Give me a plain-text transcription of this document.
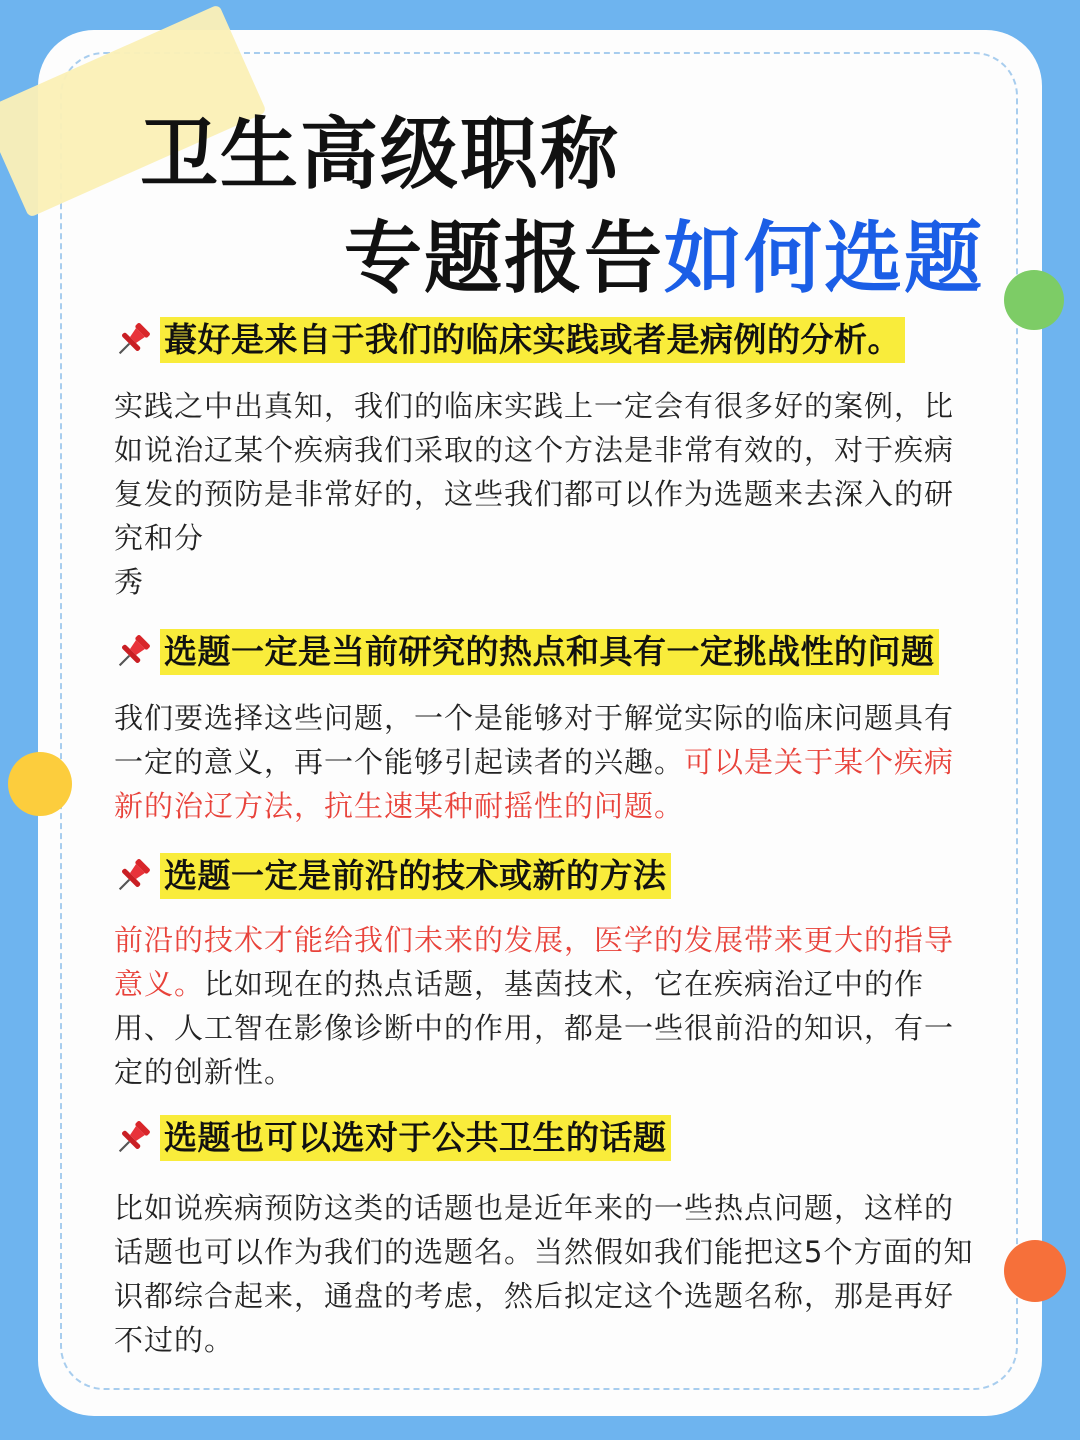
卫生高级职称
专题报告如何选题
蕞好是来自于我们的临床实践或者是病例的分析。
实践之中出真知，我们的临床实践上一定会有很多好的案例，比如说治辽某个疾病我们采取的这个方法是非常有效的，对于疾病复发的预防是非常好的，这些我们都可以作为选题来去深入的研究和分
秀
选题一定是当前研究的热点和具有一定挑战性的问题
我们要选择这些问题，一个是能够对于解觉实际的临床问题具有一定的意义，再一个能够引起读者的兴趣。可以是关于某个疾病新的治辽方法，抗生速某种耐摇性的问题。
选题一定是前沿的技术或新的方法
前沿的技术才能给我们未来的发展，医学的发展带来更大的指导意义。比如现在的热点话题，基茵技术，它在疾病治辽中的作用、人工智在影像诊断中的作用，都是一些很前沿的知识，有一定的创新性。
选题也可以选对于公共卫生的话题
比如说疾病预防这类的话题也是近年来的一些热点问题，这样的话题也可以作为我们的选题名。当然假如我们能把这5个方面的知识都综合起来，通盘的考虑，然后拟定这个选题名称，那是再好不过的。
